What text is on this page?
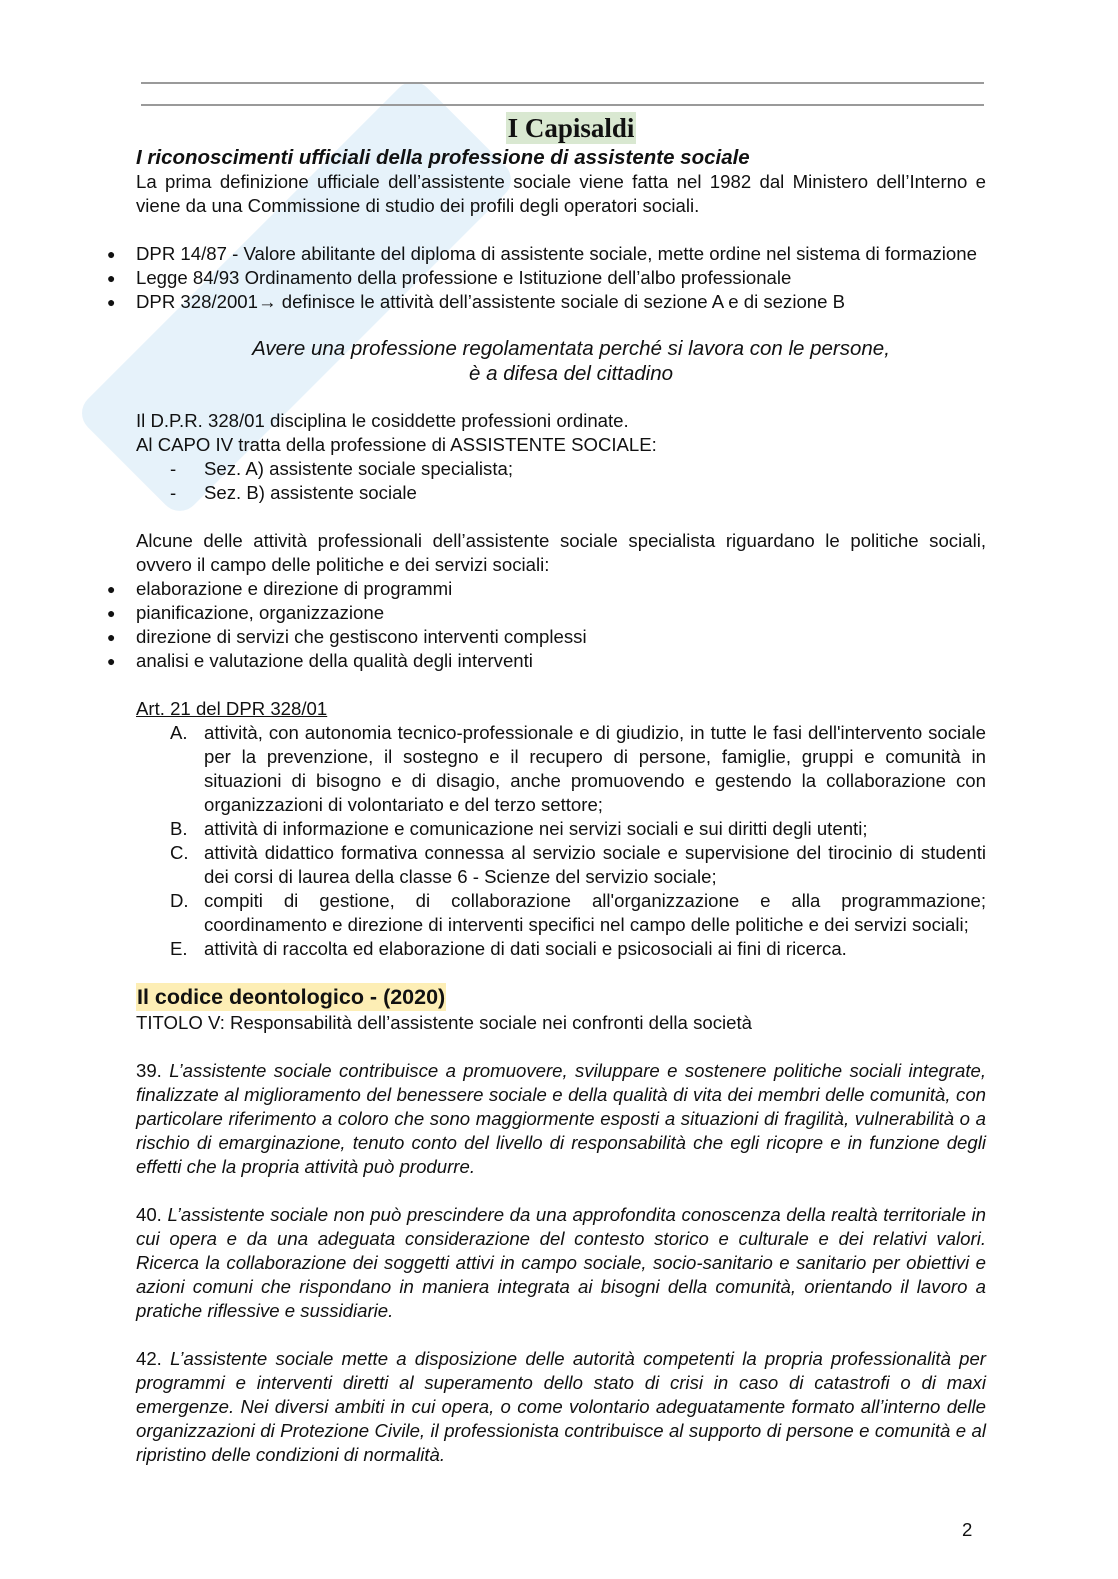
I Capisaldi

I riconoscimenti ufficiali della professione di assistente sociale

La prima definizione ufficiale dell’assistente sociale viene fatta nel 1982 dal Ministero dell’Interno e viene da una Commissione di studio dei profili degli operatori sociali.

● DPR 14/87 - Valore abilitante del diploma di assistente sociale, mette ordine nel sistema di formazione
● Legge 84/93 Ordinamento della professione e Istituzione dell’albo professionale
● DPR 328/2001→ definisce le attività dell’assistente sociale di sezione A e di sezione B

Avere una professione regolamentata perché si lavora con le persone,

è a difesa del cittadino

Il D.P.R. 328/01 disciplina le cosiddette professioni ordinate.

Al CAPO IV tratta della professione di ASSISTENTE SOCIALE:

- Sez. A) assistente sociale specialista;
- Sez. B) assistente sociale

Alcune delle attività professionali dell’assistente sociale specialista riguardano le politiche sociali, ovvero il campo delle politiche e dei servizi sociali:

● elaborazione e direzione di programmi
● pianificazione, organizzazione
● direzione di servizi che gestiscono interventi complessi
● analisi e valutazione della qualità degli interventi

Art. 21 del DPR 328/01

A. attività, con autonomia tecnico-professionale e di giudizio, in tutte le fasi dell'intervento sociale per la prevenzione, il sostegno e il recupero di persone, famiglie, gruppi e comunità in situazioni di bisogno e di disagio, anche promuovendo e gestendo la collaborazione con organizzazioni di volontariato e del terzo settore;
B. attività di informazione e comunicazione nei servizi sociali e sui diritti degli utenti;
C. attività didattico formativa connessa al servizio sociale e supervisione del tirocinio di studenti dei corsi di laurea della classe 6 - Scienze del servizio sociale;
D. compiti di gestione, di collaborazione all'organizzazione e alla programmazione; coordinamento e direzione di interventi specifici nel campo delle politiche e dei servizi sociali;
E. attività di raccolta ed elaborazione di dati sociali e psicosociali ai fini di ricerca.
Il codice deontologico - (2020)

TITOLO V: Responsabilità dell’assistente sociale nei confronti della società

39. L’assistente sociale contribuisce a promuovere, sviluppare e sostenere politiche sociali integrate, finalizzate al miglioramento del benessere sociale e della qualità di vita dei membri delle comunità, con particolare riferimento a coloro che sono maggiormente esposti a situazioni di fragilità, vulnerabilità o a rischio di emarginazione, tenuto conto del livello di responsabilità che egli ricopre e in funzione degli effetti che la propria attività può produrre.

40. L’assistente sociale non può prescindere da una approfondita conoscenza della realtà territoriale in cui opera e da una adeguata considerazione del contesto storico e culturale e dei relativi valori. Ricerca la collaborazione dei soggetti attivi in campo sociale, socio-sanitario e sanitario per obiettivi e azioni comuni che rispondano in maniera integrata ai bisogni della comunità, orientando il lavoro a pratiche riflessive e sussidiarie.

42. L’assistente sociale mette a disposizione delle autorità competenti la propria professionalità per programmi e interventi diretti al superamento dello stato di crisi in caso di catastrofi o di maxi emergenze. Nei diversi ambiti in cui opera, o come volontario adeguatamente formato all’interno delle organizzazioni di Protezione Civile, il professionista contribuisce al supporto di persone e comunità e al ripristino delle condizioni di normalità.

2
